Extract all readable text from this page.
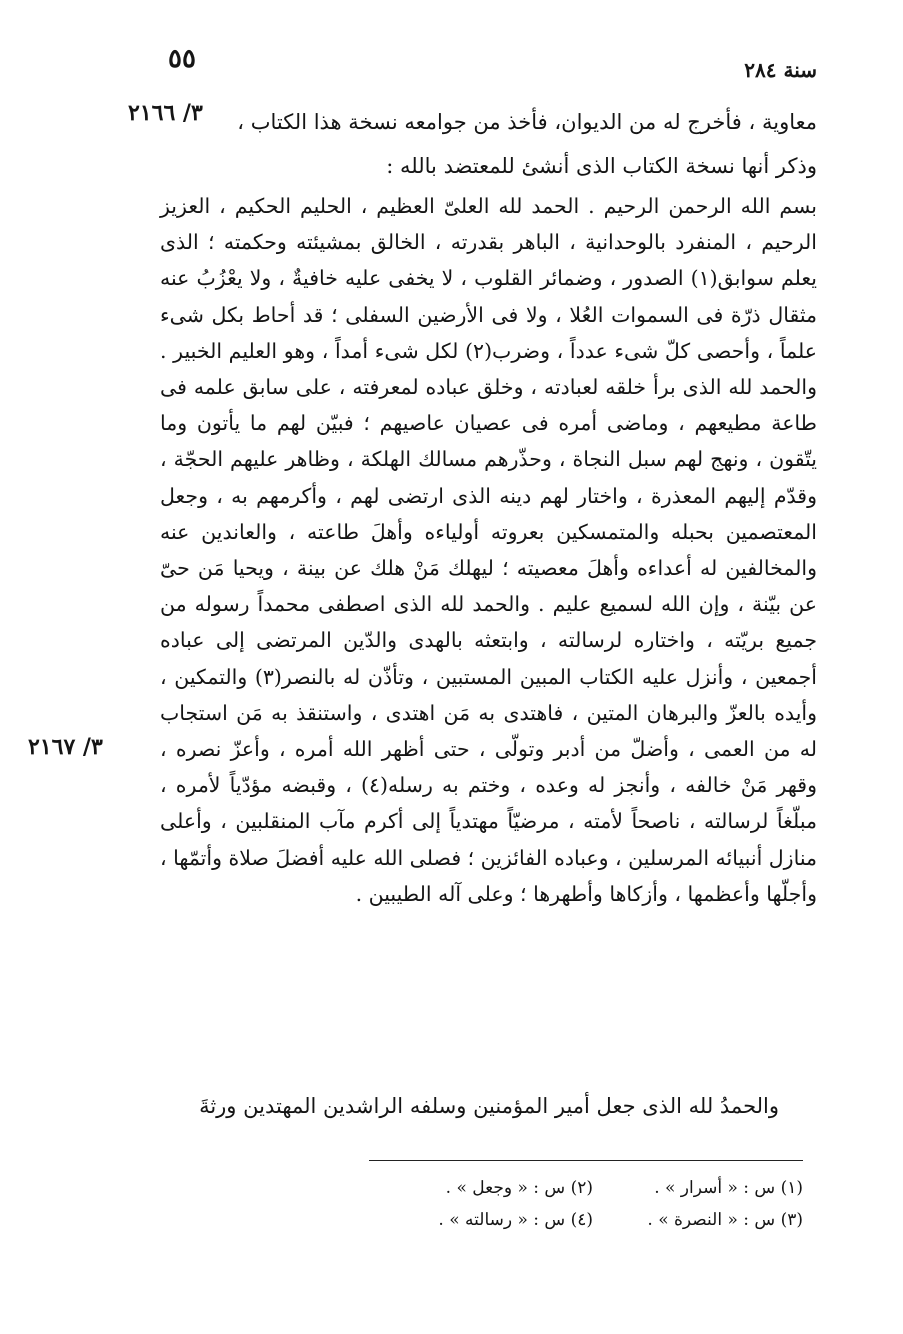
٥٥	سنة ٢٨٤
٣/ ٢١٦٦
٣/ ٢١٦٧

معاوية ، فأخرج له من الديوان، فأخذ من جوامعه نسخة هذا الكتاب ،

وذكر أنها نسخة الكتاب الذى أنشئ للمعتضد بالله :

بسم الله الرحمن الرحيم . الحمد لله العلىّ العظيم ، الحليم الحكيم ، العزيز الرحيم ، المنفرد بالوحدانية ، الباهر بقدرته ، الخالق بمشيئته وحكمته ؛ الذى يعلم سوابق(١) الصدور ، وضمائر القلوب ، لا يخفى عليه خافيةٌ ، ولا يعْزُبُ عنه مثقال ذرّة فى السموات العُلا ، ولا فى الأرضين السفلى ؛ قد أحاط بكل شىء علماً ، وأحصى كلّ شىء عدداً ، وضرب(٢) لكل شىء أمداً ، وهو العليم الخبير . والحمد لله الذى برأ خلقه لعبادته ، وخلق عباده لمعرفته ، على سابق علمه فى طاعة مطيعهم ، وماضى أمره فى عصيان عاصيهم ؛ فبيّن لهم ما يأتون وما يتّقون ، ونهج لهم سبل النجاة ، وحذّرهم مسالك الهلكة ، وظاهر عليهم الحجّة ، وقدّم إليهم المعذرة ، واختار لهم دينه الذى ارتضى لهم ، وأكرمهم به ، وجعل المعتصمين بحبله والمتمسكين بعروته أولياءه وأهلَ طاعته ، والعاندين عنه والمخالفين له أعداءه وأهلَ معصيته ؛ ليهلك مَنْ هلك عن بينة ، ويحيا مَن حىّ عن بيّنة ، وإن الله لسميع عليم . والحمد لله الذى اصطفى محمداً رسوله من جميع بريّته ، واختاره لرسالته ، وابتعثه بالهدى والدّين المرتضى إلى عباده أجمعين ، وأنزل عليه الكتاب المبين المستبين ، وتأذّن له بالنصر(٣) والتمكين ، وأيده بالعزّ والبرهان المتين ، فاهتدى به مَن اهتدى ، واستنقذ به مَن استجاب له من العمى ، وأضلّ من أدبر وتولّى ، حتى أظهر الله أمره ، وأعزّ نصره ، وقهر مَنْ خالفه ، وأنجز له وعده ، وختم به رسله(٤) ، وقبضه مؤدّياً لأمره ، مبلّغاً لرسالته ، ناصحاً لأمته ، مرضيّاً مهتدياً إلى أكرم مآب المنقلبين ، وأعلى منازل أنبيائه المرسلين ، وعباده الفائزين ؛ فصلى الله عليه أفضلَ صلاة وأتمّها ، وأجلّها وأعظمها ، وأزكاها وأطهرها ؛ وعلى آله الطيبين .

والحمدُ لله الذى جعل أمير المؤمنين وسلفه الراشدين المهتدين ورثةَ

(١) س : « أسرار » .
(٢) س : « وجعل » .
(٣) س : « النصرة » .
(٤) س : « رسالته » .
